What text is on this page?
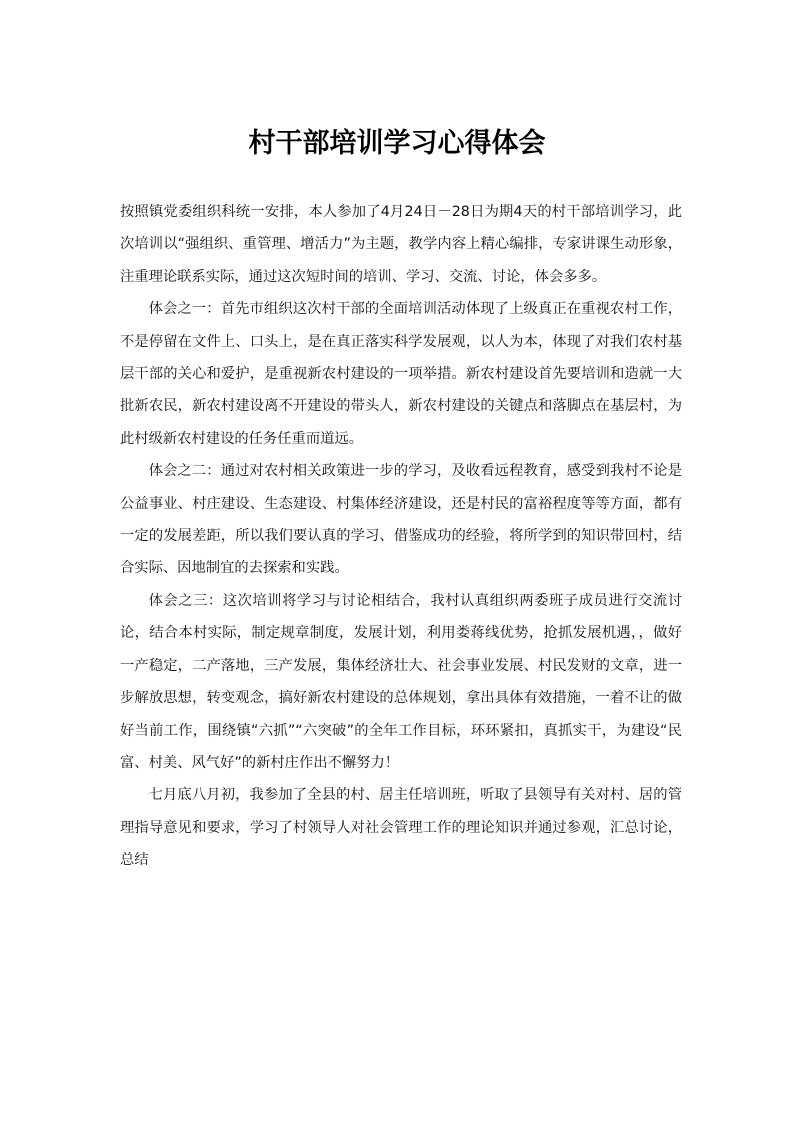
村干部培训学习心得体会

按照镇党委组织科统一安排，本人参加了4月24日－28日为期4天的村干部培训学习，此次培训以“强组织、重管理、增活力”为主题，教学内容上精心编排，专家讲课生动形象，注重理论联系实际，通过这次短时间的培训、学习、交流、讨论，体会多多。

体会之一：首先市组织这次村干部的全面培训活动体现了上级真正在重视农村工作，不是停留在文件上、口头上，是在真正落实科学发展观，以人为本，体现了对我们农村基层干部的关心和爱护，是重视新农村建设的一项举措。新农村建设首先要培训和造就一大批新农民，新农村建设离不开建设的带头人，新农村建设的关键点和落脚点在基层村，为此村级新农村建设的任务任重而道远。

体会之二：通过对农村相关政策进一步的学习，及收看远程教育，感受到我村不论是公益事业、村庄建设、生态建设、村集体经济建设，还是村民的富裕程度等等方面，都有一定的发展差距，所以我们要认真的学习、借鉴成功的经验，将所学到的知识带回村，结合实际、因地制宜的去探索和实践。

体会之三：这次培训将学习与讨论相结合，我村认真组织两委班子成员进行交流讨论，结合本村实际，制定规章制度，发展计划，利用娄蒋线优势，抢抓发展机遇，，做好一产稳定，二产落地，三产发展，集体经济壮大、社会事业发展、村民发财的文章，进一步解放思想，转变观念，搞好新农村建设的总体规划，拿出具体有效措施，一着不让的做好当前工作，围绕镇“六抓”“六突破”的全年工作目标，环环紧扣，真抓实干，为建设“民富、村美、风气好”的新村庄作出不懈努力！

七月底八月初，我参加了全县的村、居主任培训班，听取了县领导有关对村、居的管理指导意见和要求，学习了村领导人对社会管理工作的理论知识并通过参观，汇总讨论，总结
